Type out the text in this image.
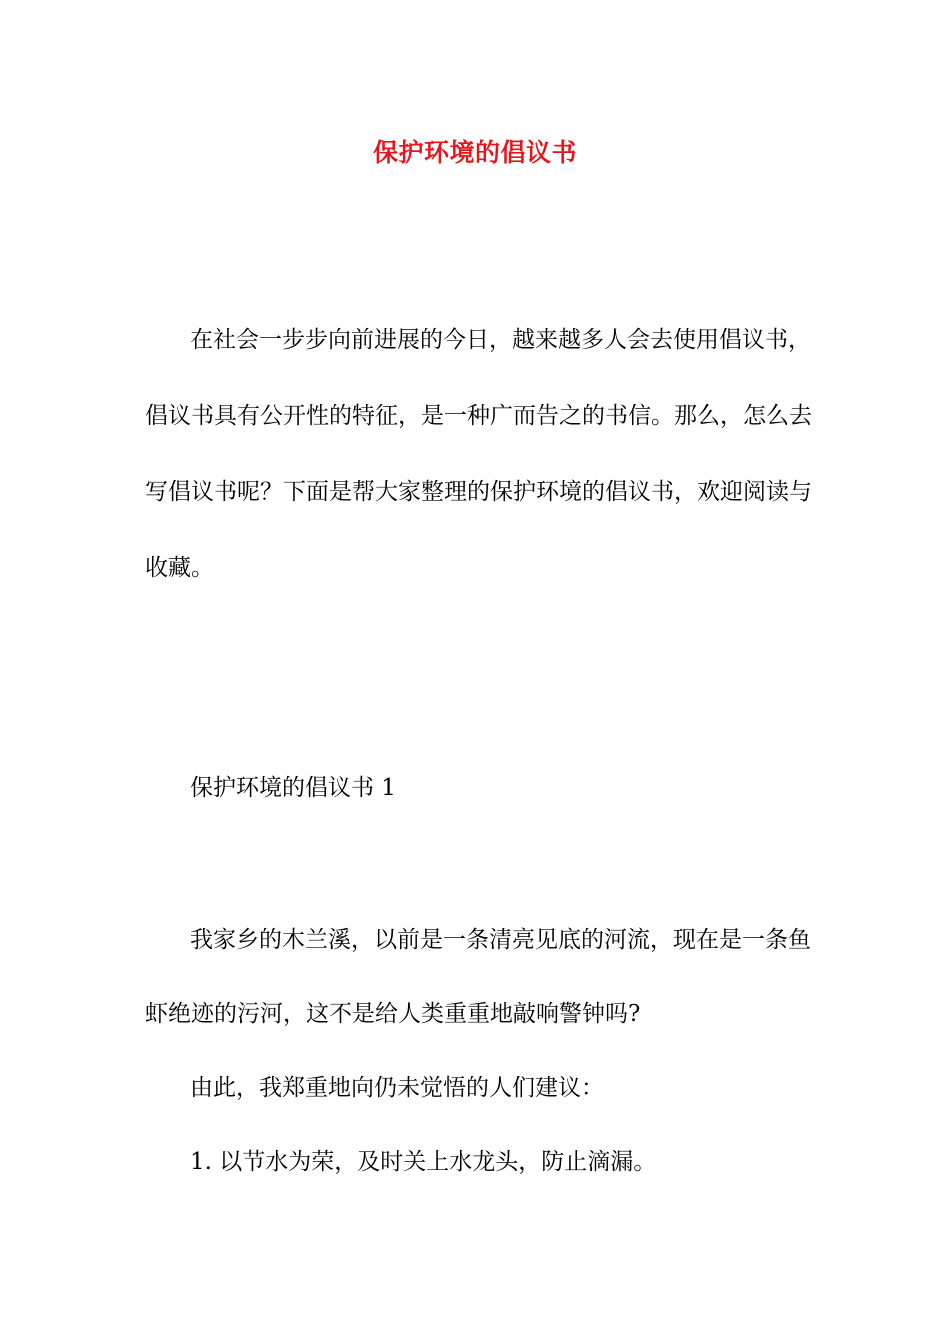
保护环境的倡议书
在社会一步步向前进展的今日，越来越多人会去使用倡议书，
倡议书具有公开性的特征，是一种广而告之的书信。那么，怎么去
写倡议书呢？下面是帮大家整理的保护环境的倡议书，欢迎阅读与
收藏。
保护环境的倡议书 1
我家乡的木兰溪，以前是一条清亮见底的河流，现在是一条鱼
虾绝迹的污河，这不是给人类重重地敲响警钟吗?
由此，我郑重地向仍未觉悟的人们建议：
1. 以节水为荣，及时关上水龙头，防止滴漏。
